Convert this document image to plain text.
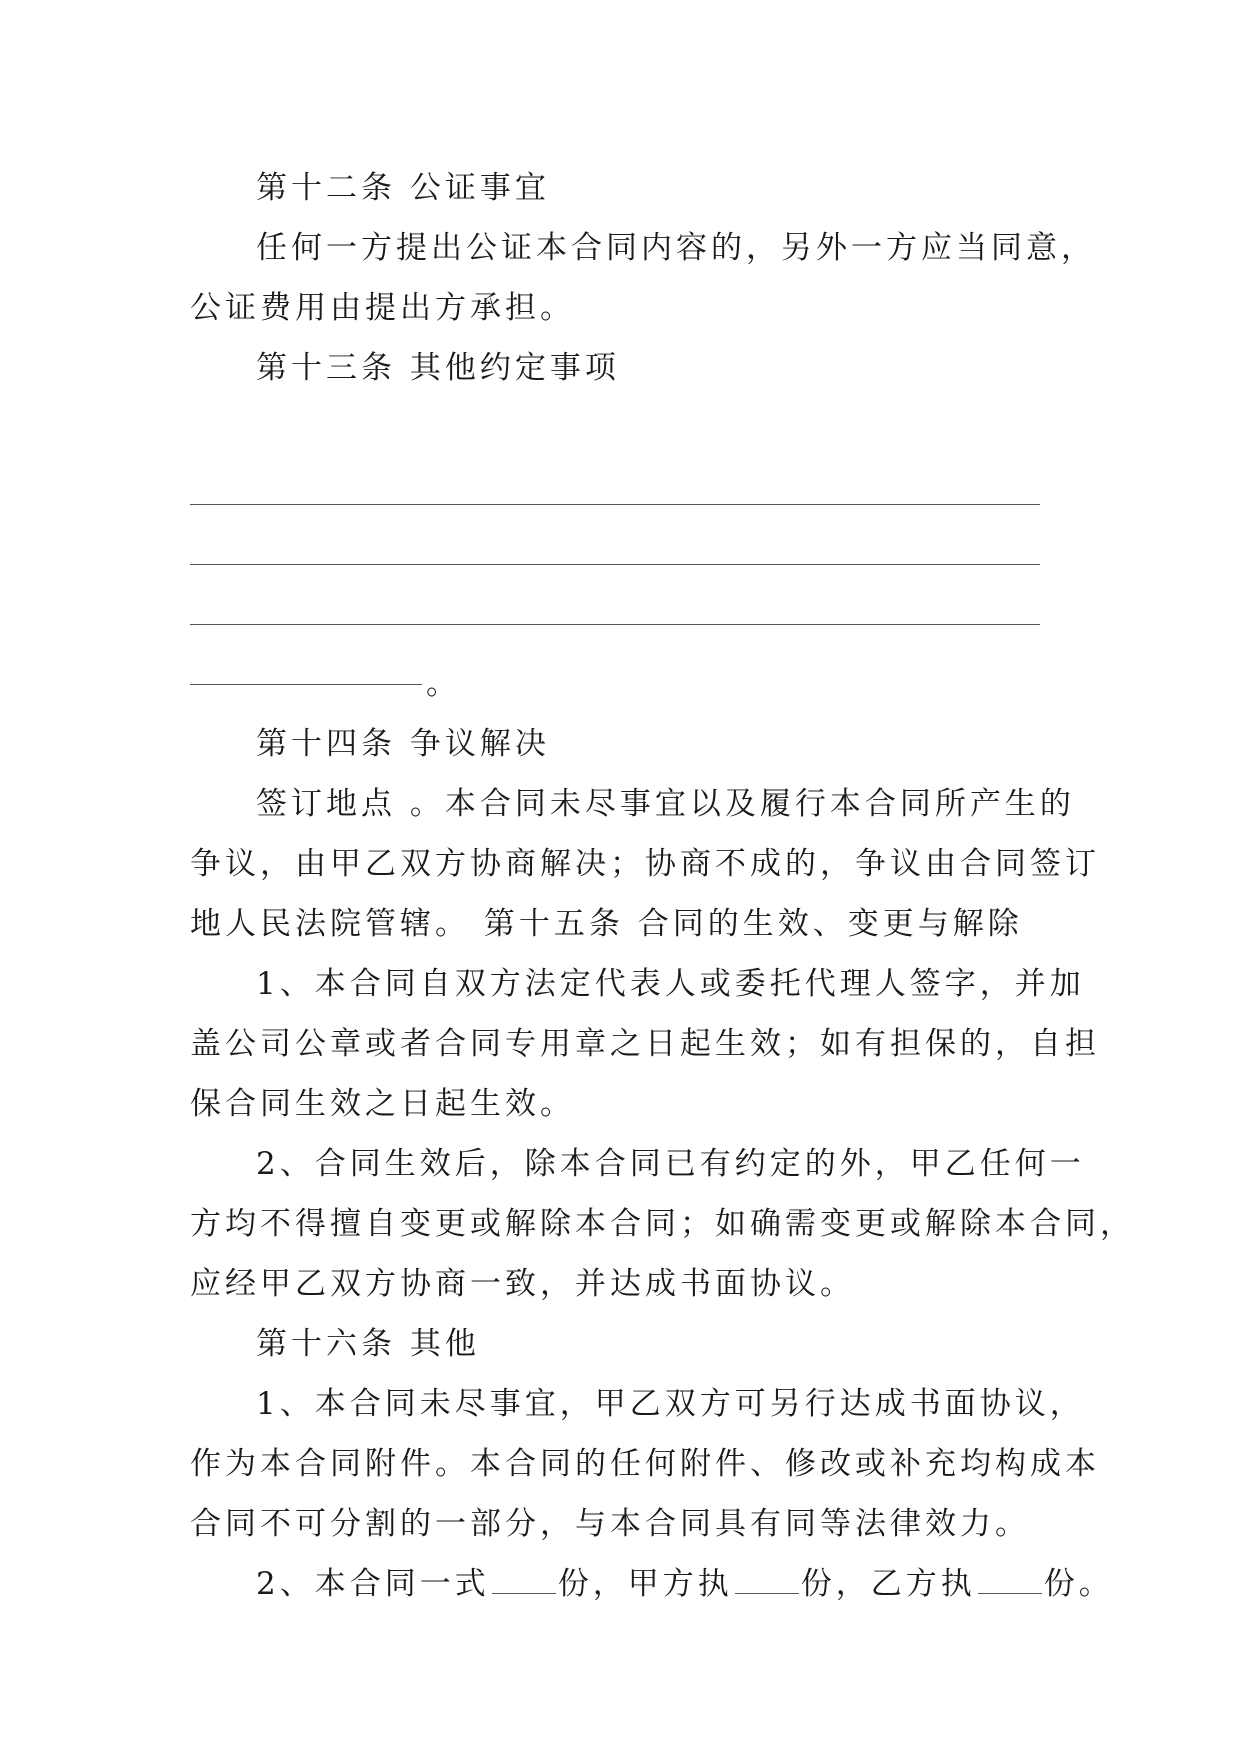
第十二条 公证事宜
任何一方提出公证本合同内容的，另外一方应当同意，
公证费用由提出方承担。
第十三条 其他约定事项
。
第十四条 争议解决
签订地点 。本合同未尽事宜以及履行本合同所产生的
争议，由甲乙双方协商解决；协商不成的，争议由合同签订
地人民法院管辖。 第十五条 合同的生效、变更与解除
1、本合同自双方法定代表人或委托代理人签字，并加
盖公司公章或者合同专用章之日起生效；如有担保的，自担
保合同生效之日起生效。
2、合同生效后，除本合同已有约定的外，甲乙任何一
方均不得擅自变更或解除本合同；如确需变更或解除本合同，
应经甲乙双方协商一致，并达成书面协议。
第十六条 其他
1、本合同未尽事宜，甲乙双方可另行达成书面协议，
作为本合同附件。本合同的任何附件、修改或补充均构成本
合同不可分割的一部分，与本合同具有同等法律效力。
2、本合同一式 份，甲方执 份，乙方执 份。
